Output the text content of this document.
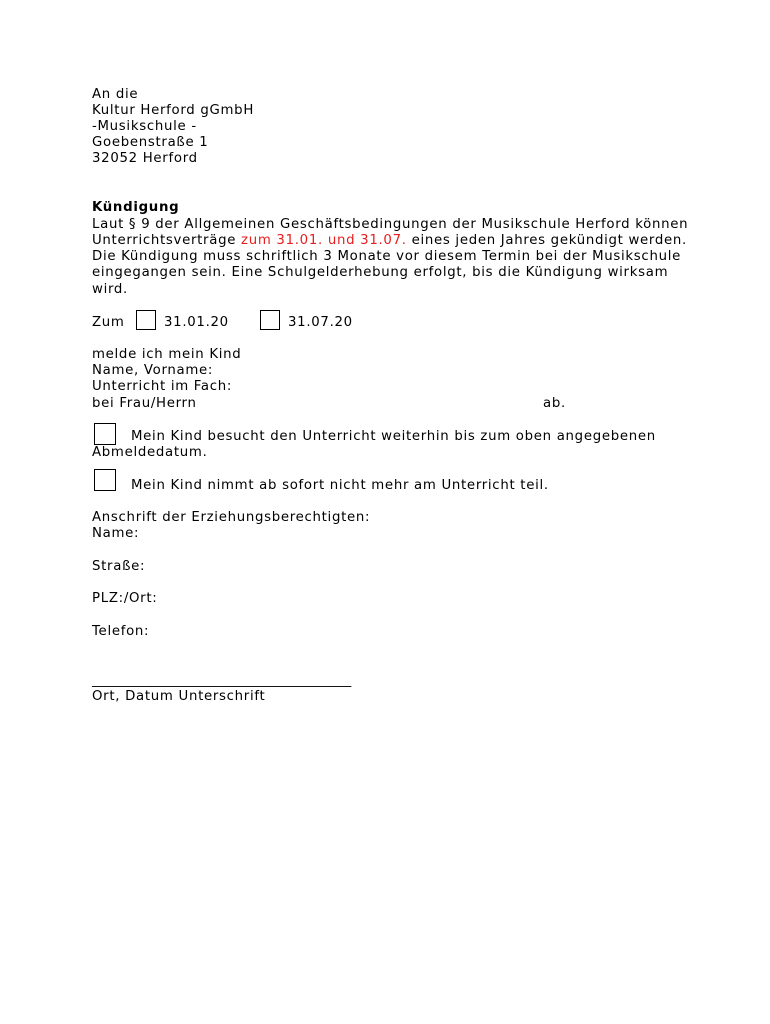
An die
Kultur Herford gGmbH
-Musikschule -
Goebenstraße 1
32052 Herford
Kündigung
Laut § 9 der Allgemeinen Geschäftsbedingungen der Musikschule Herford können
Unterrichtsverträge zum 31.01. und 31.07. eines jeden Jahres gekündigt werden.
Die Kündigung muss schriftlich 3 Monate vor diesem Termin bei der Musikschule
eingegangen sein. Eine Schulgelderhebung erfolgt, bis die Kündigung wirksam
wird.
Zum	31.01.20	31.07.20
melde ich mein Kind
Name, Vorname:
Unterricht im Fach:
bei Frau/Herrn	ab.
Mein Kind besucht den Unterricht weiterhin bis zum oben angegebenen
Abmeldedatum.
Mein Kind nimmt ab sofort nicht mehr am Unterricht teil.
Anschrift der Erziehungsberechtigten:
Name:
Straße:
PLZ:/Ort:
Telefon:
_______________________________________
Ort, Datum Unterschrift
